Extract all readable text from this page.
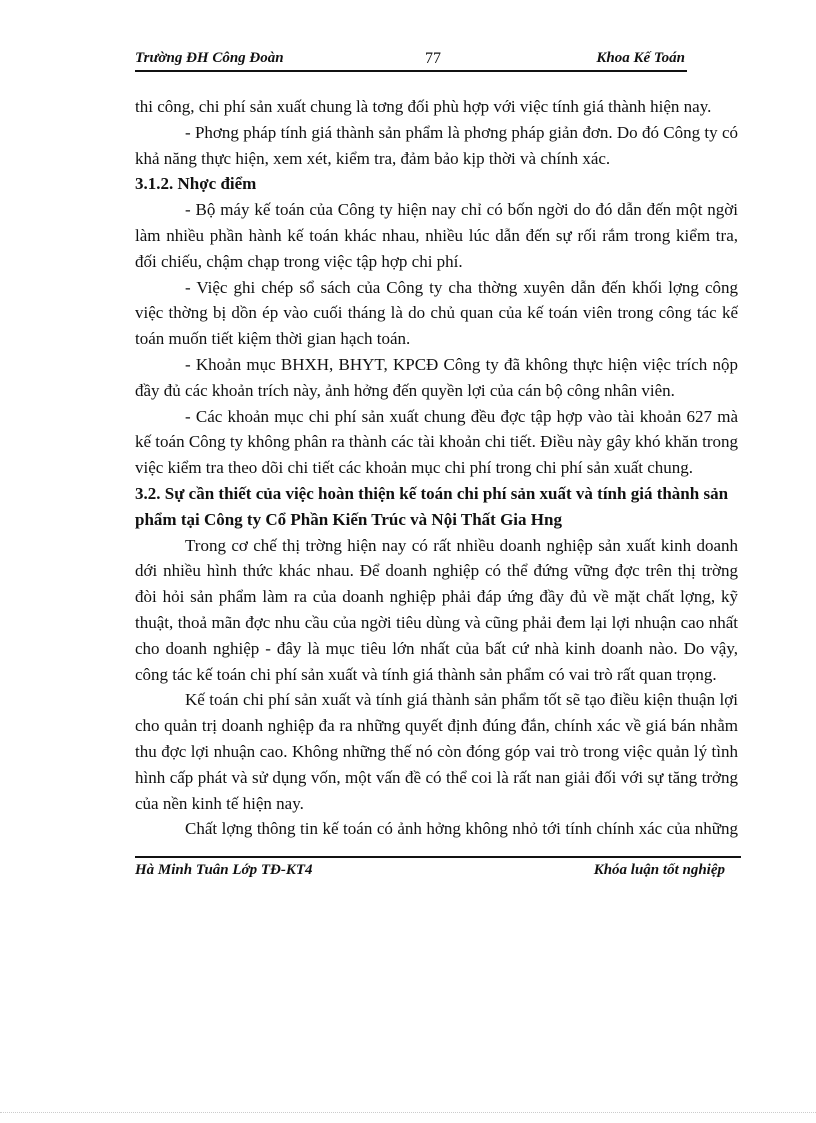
Trường ĐH Công Đoàn	77	Khoa Kế Toán

thi công, chi phí sản xuất chung là tơng đối phù hợp với việc tính giá thành hiện nay.

- Phơng pháp tính giá thành sản phẩm là phơng pháp giản đơn. Do đó Công ty có khả năng thực hiện, xem xét, kiểm tra, đảm bảo kịp thời và chính xác.

3.1.2. Nhợc điểm

- Bộ máy kế toán của Công ty hiện nay chỉ có bốn ngời do đó dẫn đến một ngời làm nhiều phần hành kế toán khác nhau, nhiều lúc dẫn đến sự rối rắm trong kiểm tra, đối chiếu, chậm chạp trong việc tập hợp chi phí.

- Việc ghi chép sổ sách của Công ty cha thờng xuyên dẫn đến khối lợng công việc thờng bị dồn ép vào cuối tháng là do chủ quan của kế toán viên trong công tác kế toán muốn tiết kiệm thời gian hạch toán.

- Khoản mục BHXH, BHYT, KPCĐ Công ty đã không thực hiện việc trích nộp đầy đủ các khoản trích này, ảnh hởng đến quyền lợi của cán bộ công nhân viên.

- Các khoản mục chi phí sản xuất chung đều đợc tập hợp vào tài khoản 627 mà kế toán Công ty không phân ra thành các tài khoản chi tiết. Điều này gây khó khăn trong việc kiểm tra theo dõi chi tiết các khoản mục chi phí trong chi phí sản xuất chung.

3.2. Sự cần thiết của việc hoàn thiện kế toán chi phí sản xuất và tính giá thành sản phẩm tại Công ty Cổ Phần Kiến Trúc và Nội Thất Gia Hng

Trong cơ chế thị trờng hiện nay có rất nhiều doanh nghiệp sản xuất kinh doanh dới nhiều hình thức khác nhau. Để doanh nghiệp có thể đứng vững đợc trên thị trờng đòi hỏi sản phẩm làm ra của doanh nghiệp phải đáp ứng đầy đủ về mặt chất lợng, kỹ thuật, thoả mãn đợc nhu cầu của ngời tiêu dùng và cũng phải đem lại lợi nhuận cao nhất cho doanh nghiệp - đây là mục tiêu lớn nhất của bất cứ nhà kinh doanh nào. Do vậy, công tác kế toán chi phí sản xuất và tính giá thành sản phẩm có vai trò rất quan trọng.

Kế toán chi phí sản xuất và tính giá thành sản phẩm tốt sẽ tạo điều kiện thuận lợi cho quản trị doanh nghiệp đa ra những quyết định đúng đắn, chính xác về giá bán nhằm thu đợc lợi nhuận cao. Không những thế nó còn đóng góp vai trò trong việc quản lý tình hình cấp phát và sử dụng vốn, một vấn đề có thể coi là rất nan giải đối với sự tăng trởng của nền kinh tế hiện nay.

Chất lợng thông tin kế toán có ảnh hởng không nhỏ tới tính chính xác của những

Hà Minh Tuân Lớp TĐ-KT4	Khóa luận tốt nghiệp
